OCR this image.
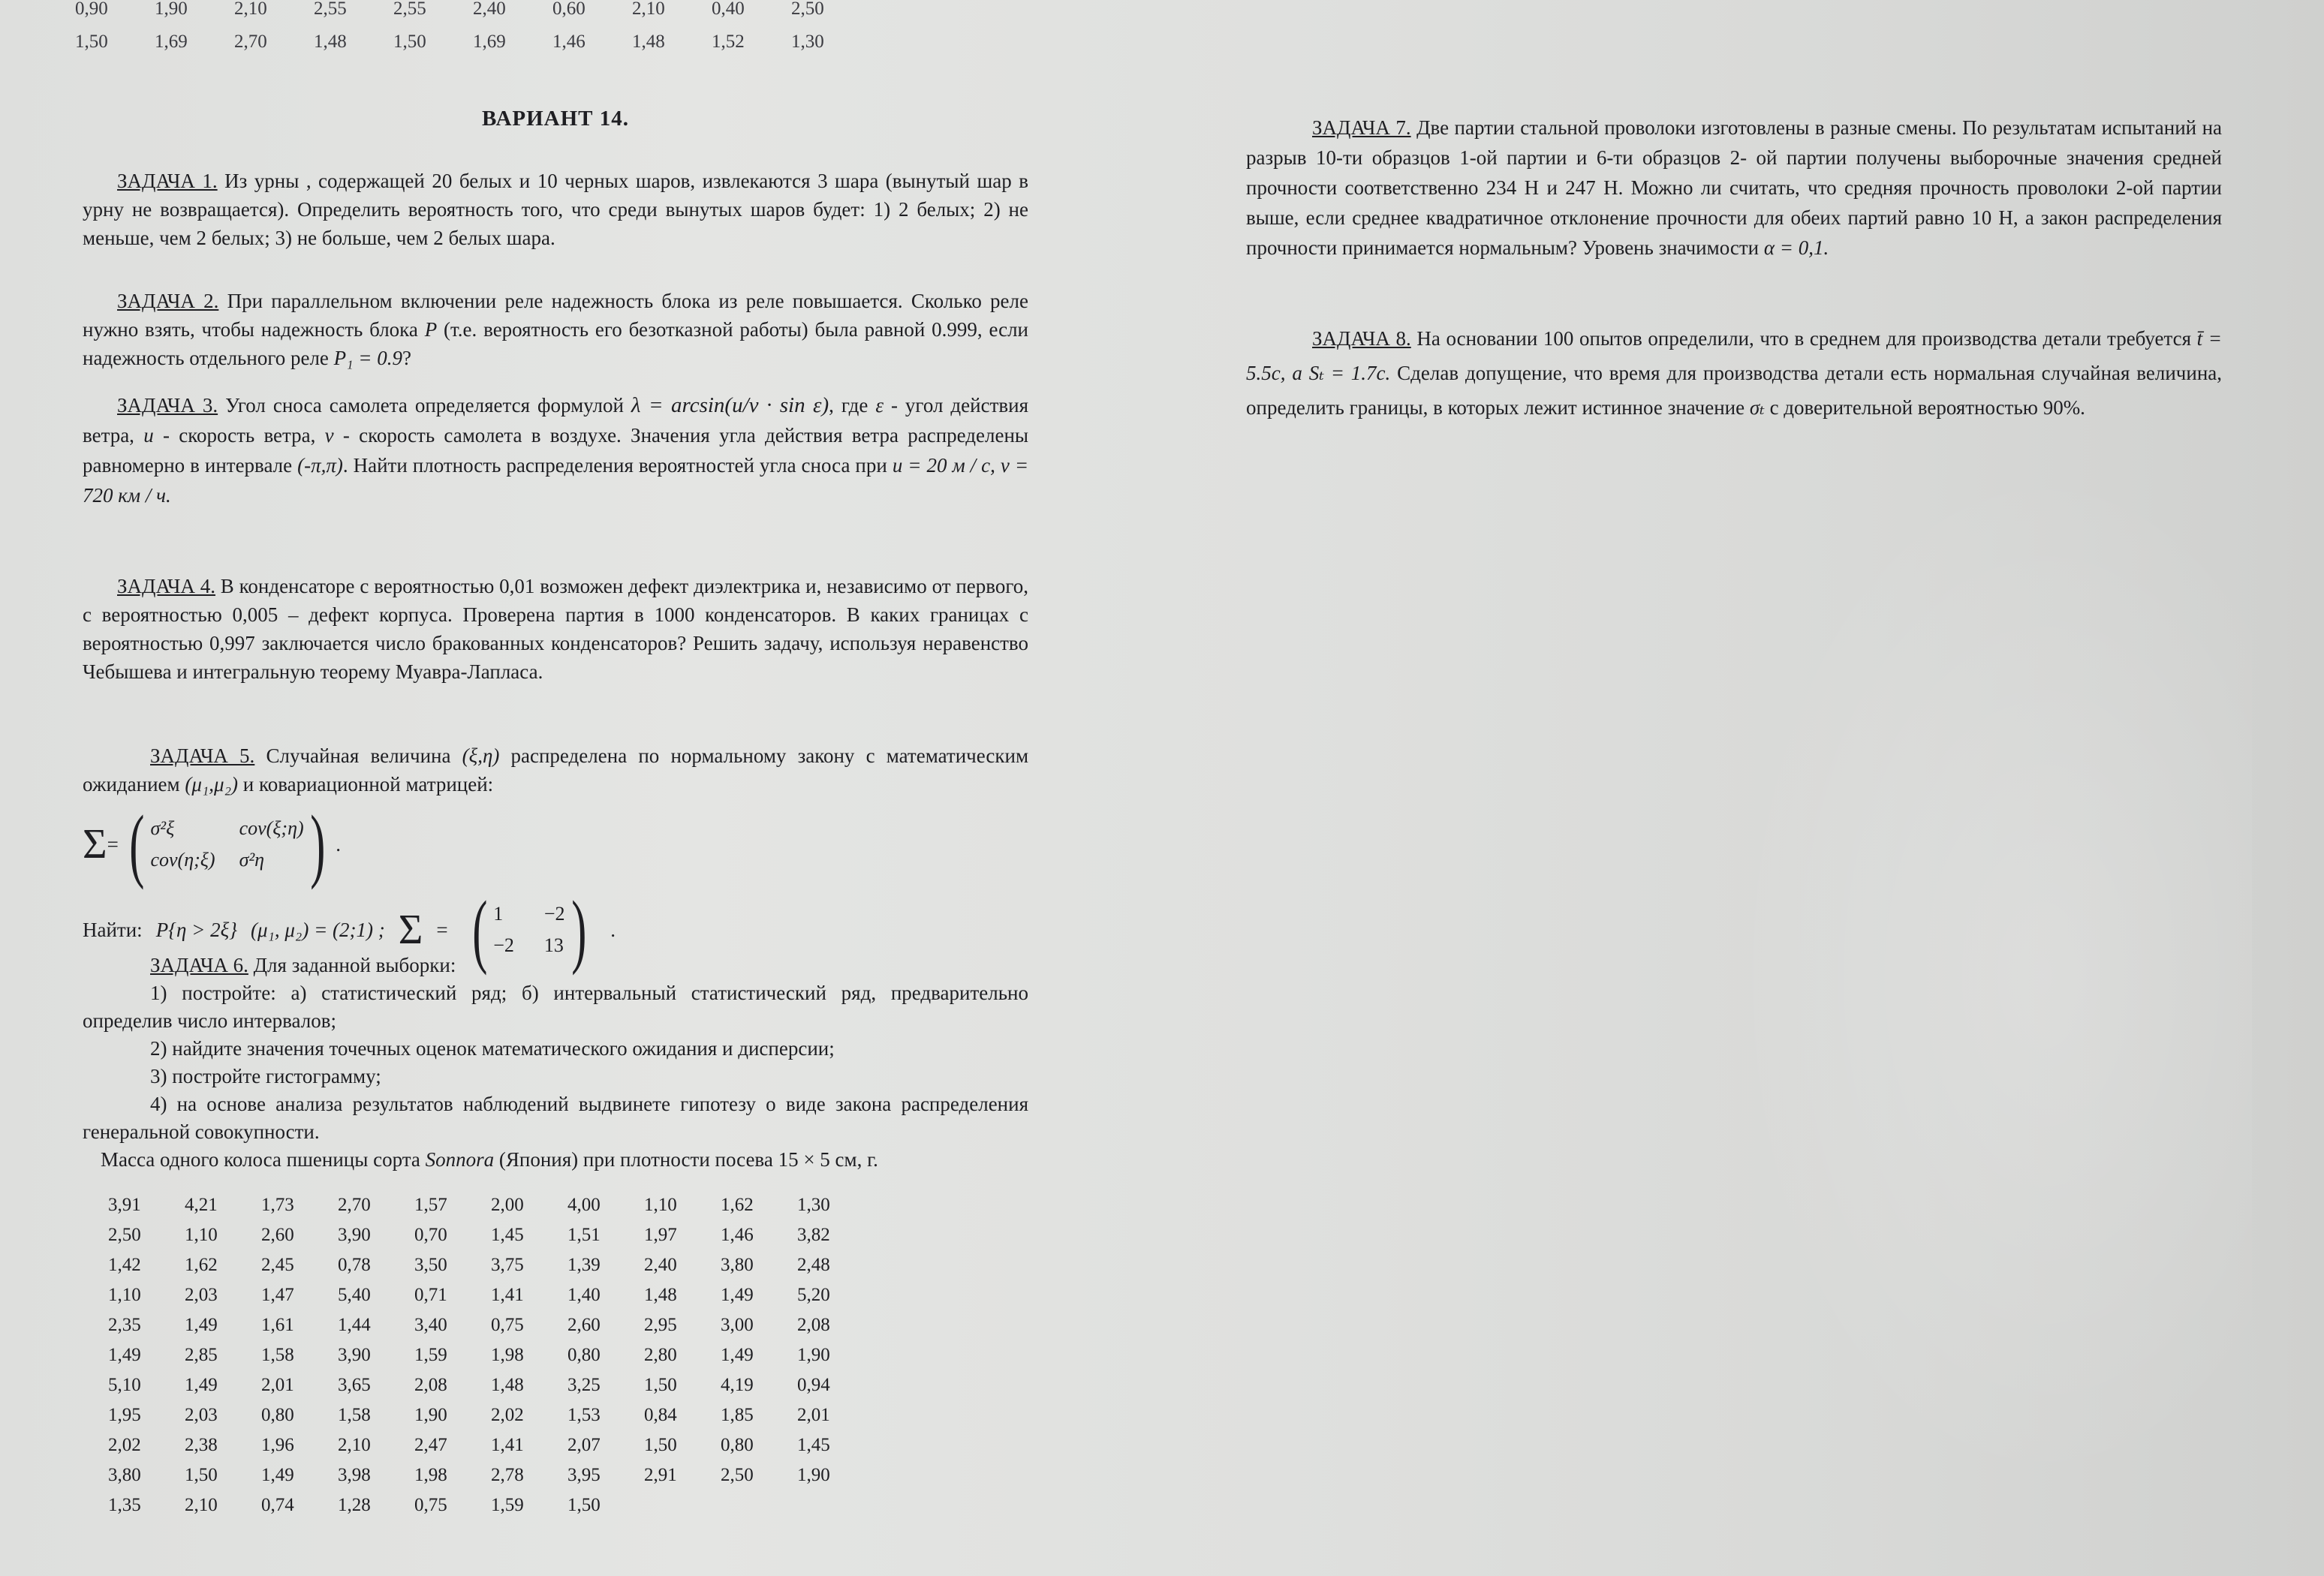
0,90 1,90 2,10 2,55 2,55 2,40 0,60 2,10 0,40 2,50
1,50 1,69 2,70 1,48 1,50 1,69 1,46 1,48 1,52 1,30
ВАРИАНТ 14.

ЗАДАЧА 1. Из урны , содержащей 20 белых и 10 черных шаров, извлекаются 3 шара (вынутый шар в урну не возвращается). Определить вероятность того, что среди вынутых шаров будет: 1) 2 белых; 2) не меньше, чем 2 белых; 3) не больше, чем 2 белых шара.

ЗАДАЧА 2. При параллельном включении реле надежность блока из реле повышается. Сколько реле нужно взять, чтобы надежность блока P (т.е. вероятность его безотказной работы) была равной 0.999, если надежность отдельного реле P₁ = 0.9?

ЗАДАЧА 3. Угол сноса самолета определяется формулой λ = arcsin(u/v · sin ε), где ε - угол действия ветра, u - скорость ветра, v - скорость самолета в воздухе. Значения угла действия ветра распределены равномерно в интервале (-π,π). Найти плотность распределения вероятностей угла сноса при u = 20 м / с, v = 720 км / ч.

ЗАДАЧА 4. В конденсаторе с вероятностью 0,01 возможен дефект диэлектрика и, независимо от первого, с вероятностью 0,005 – дефект корпуса. Проверена партия в 1000 конденсаторов. В каких границах с вероятностью 0,997 заключается число бракованных конденсаторов? Решить задачу, используя неравенство Чебышева и интегральную теорему Муавра-Лапласа.

ЗАДАЧА 5. Случайная величина (ξ,η) распределена по нормальному закону с математическим ожиданием (μ₁,μ₂) и ковариационной матрицей:

Σ = ( σ²ξ	cov(ξ;η)
cov(η;ξ) σ²η ) .
Найти: P{η > 2ξ} (μ₁, μ₂) = (2;1) ; Σ = ( 1	−2
−2 13 ) .

ЗАДАЧА 6. Для заданной выборки:

1) постройте: а) статистический ряд; б) интервальный статистический ряд, предварительно определив число интервалов;

2) найдите значения точечных оценок математического ожидания и дисперсии;

3) постройте гистограмму;

4) на основе анализа результатов наблюдений выдвинете гипотезу о виде закона распределения генеральной совокупности.

Масса одного колоса пшеницы сорта Sonnora (Япония) при плотности посева 15 × 5 см, г.

3,91 4,21 1,73 2,70 1,57 2,00 4,00 1,10 1,62 1,30
2,50 1,10 2,60 3,90 0,70 1,45 1,51 1,97 1,46 3,82
1,42 1,62 2,45 0,78 3,50 3,75 1,39 2,40 3,80 2,48
1,10 2,03 1,47 5,40 0,71 1,41 1,40 1,48 1,49 5,20
2,35 1,49 1,61 1,44 3,40 0,75 2,60 2,95 3,00 2,08
1,49 2,85 1,58 3,90 1,59 1,98 0,80 2,80 1,49 1,90
5,10 1,49 2,01 3,65 2,08 1,48 3,25 1,50 4,19 0,94
1,95 2,03 0,80 1,58 1,90 2,02 1,53 0,84 1,85 2,01
2,02 2,38 1,96 2,10 2,47 1,41 2,07 1,50 0,80 1,45
3,80 1,50 1,49 3,98 1,98 2,78 3,95 2,91 2,50 1,90
1,35 2,10 0,74 1,28 0,75 1,59 1,50

ЗАДАЧА 7. Две партии стальной проволоки изготовлены в разные смены. По результатам испытаний на разрыв 10-ти образцов 1-ой партии и 6-ти образцов 2- ой партии получены выборочные значения средней прочности соответственно 234 Н и 247 Н. Можно ли считать, что средняя прочность проволоки 2-ой партии выше, если среднее квадратичное отклонение прочности для обеих партий равно 10 Н, а закон распределения прочности принимается нормальным? Уровень значимости α = 0,1.

ЗАДАЧА 8. На основании 100 опытов определили, что в среднем для производства детали требуется t̄ = 5.5c, а Sₜ = 1.7c. Сделав допущение, что время для производства детали есть нормальная случайная величина, определить границы, в которых лежит истинное значение σₜ с доверительной вероятностью 90%.
